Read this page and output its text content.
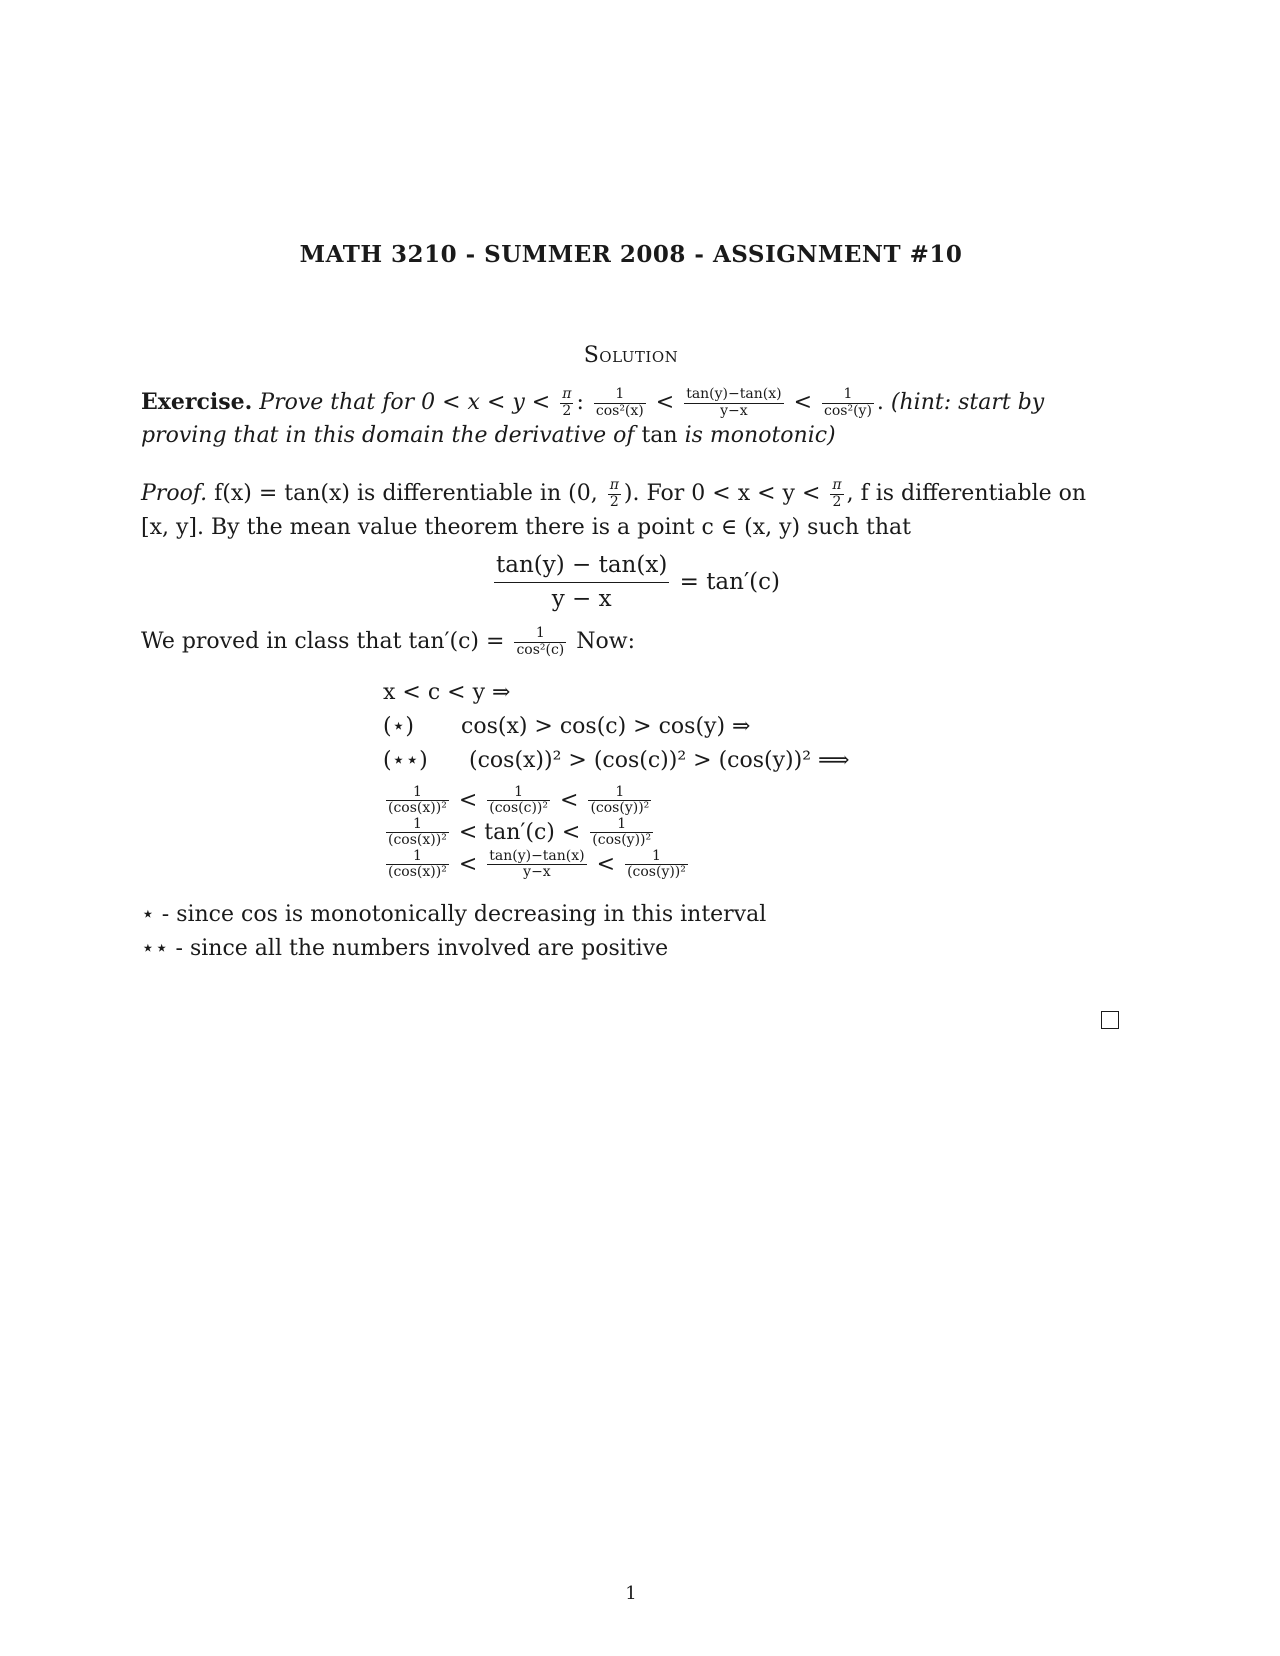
MATH 3210 - SUMMER 2008 - ASSIGNMENT #10
Solution
Exercise. Prove that for $0 < x < y < \frac{\pi}{2}$ : $\frac{1}{\text{cos²(x)}} < \frac{\tan(y)-\tan(x)}{y-x} < \frac{1}{\text{cos²(y)}}$ . (hint: start by
proving that in this domain the derivative of tan is monotonic)
Proof. f(x) = tan(x) is differentiable in (0, $\frac{\pi}{2}$ ). For $0 < x < y < \frac{\pi}{2}$ , f is differentiable on
[x, y]. By the mean value theorem there is a point c ∈ (x, y) such that
$\frac{\tan(y) - \tan(x)}{y - x} = \tan'(c)$
We proved in class that $\tan'(c) = \frac{1}{\text{cos²(c)}}$ Now:
x < c < y ⇒
(⋆) cos(x) > cos(c) > cos(y) ⇒
(⋆⋆) (cos(x))² > (cos(c))² > (cos(y))² ⟹
$\frac{1}{\text{(cos(x))²}} < \frac{1}{\text{(cos(c))²}} < \frac{1}{\text{(cos(y))²}}$
$\frac{1}{\text{(cos(x))²}} < \tan'(c) < \frac{1}{\text{(cos(y))²}}$
$\frac{1}{\text{(cos(x))²}} < \frac{\tan(y)-\tan(x)}{y-x} < \frac{1}{\text{(cos(y))²}}$
⋆ - since cos is monotonically decreasing in this interval
⋆⋆ - since all the numbers involved are positive
1
